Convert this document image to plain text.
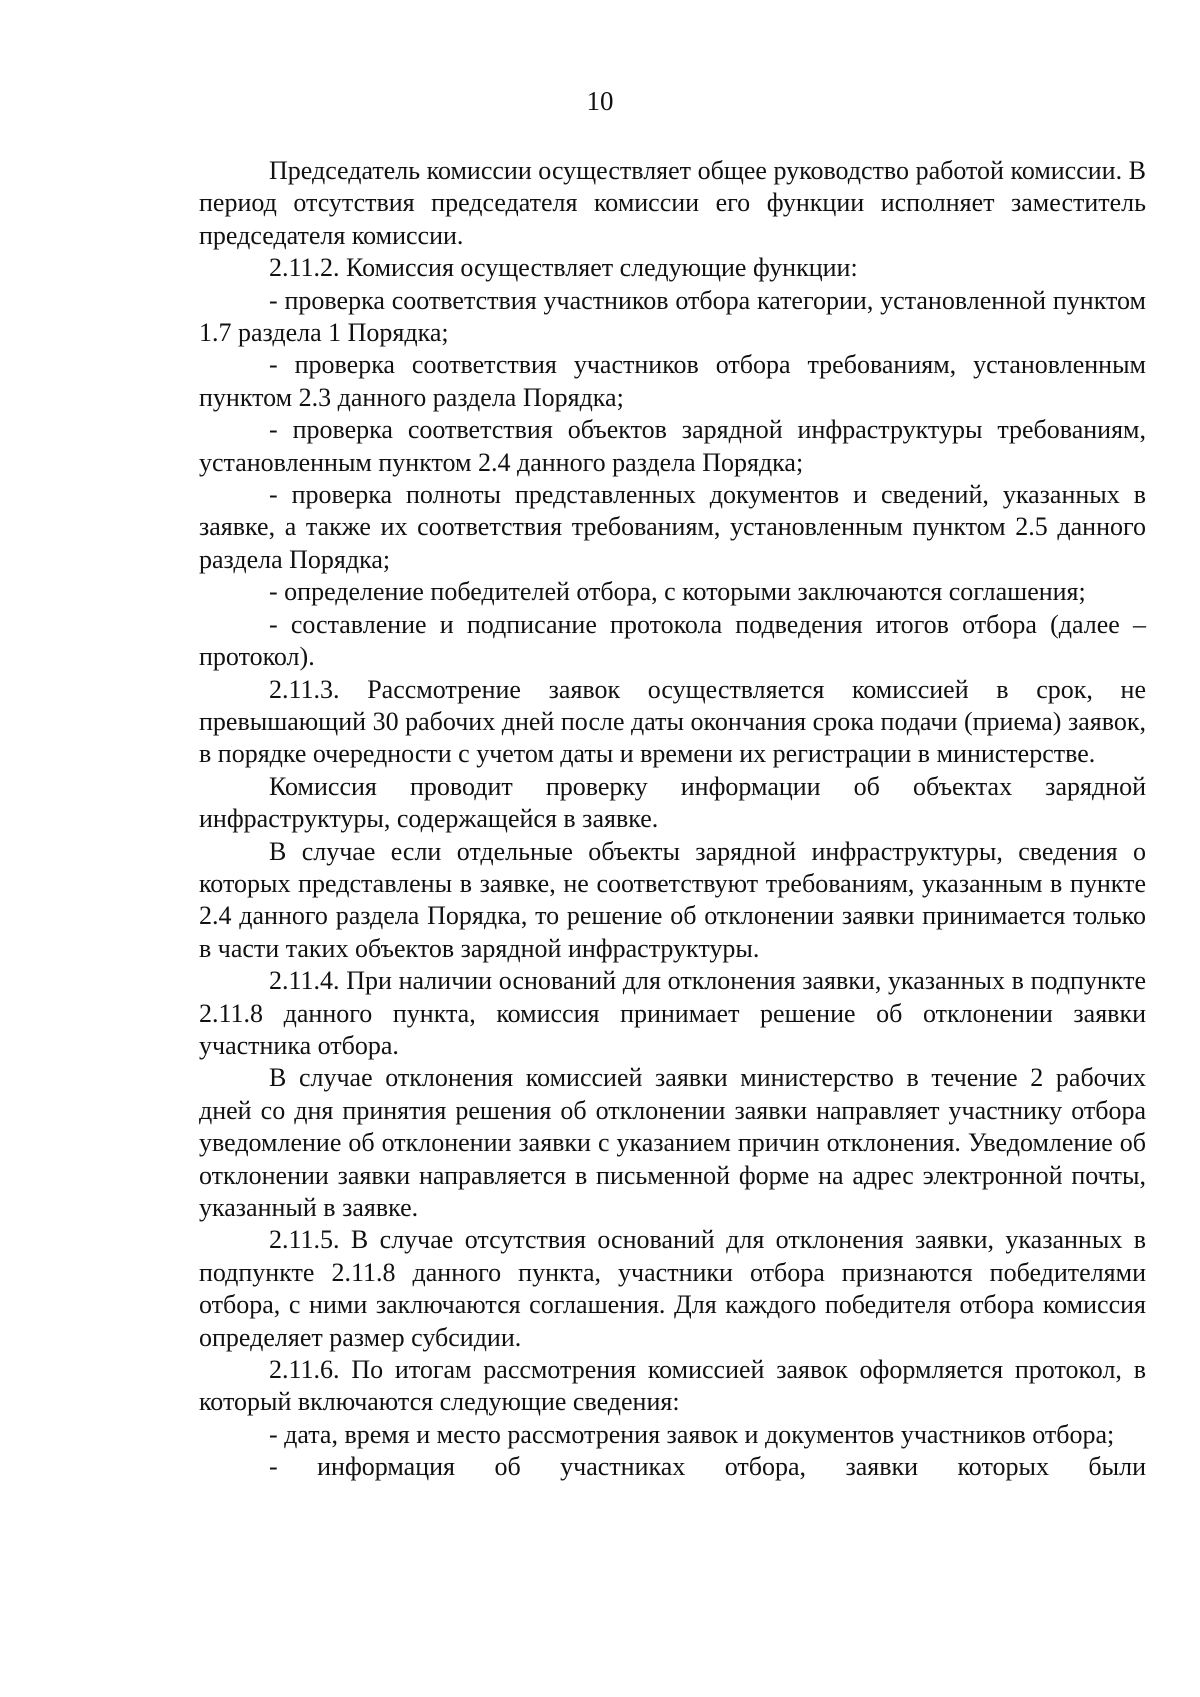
10

Председатель комиссии осуществляет общее руководство работой комиссии. В период отсутствия председателя комиссии его функции исполняет заместитель председателя комиссии.

2.11.2. Комиссия осуществляет следующие функции:

- проверка соответствия участников отбора категории, установленной пунктом 1.7 раздела 1 Порядка;

- проверка соответствия участников отбора требованиям, установленным пунктом 2.3 данного раздела Порядка;

- проверка соответствия объектов зарядной инфраструктуры требованиям, установленным пунктом 2.4 данного раздела Порядка;

- проверка полноты представленных документов и сведений, указанных в заявке, а также их соответствия требованиям, установленным пунктом 2.5 данного раздела Порядка;

- определение победителей отбора, с которыми заключаются соглашения;

- составление и подписание протокола подведения итогов отбора (далее – протокол).

2.11.3. Рассмотрение заявок осуществляется комиссией в срок, не превышающий 30 рабочих дней после даты окончания срока подачи (приема) заявок, в порядке очередности с учетом даты и времени их регистрации в министерстве.

Комиссия проводит проверку информации об объектах зарядной инфраструктуры, содержащейся в заявке.

В случае если отдельные объекты зарядной инфраструктуры, сведения о которых представлены в заявке, не соответствуют требованиям, указанным в пункте 2.4 данного раздела Порядка, то решение об отклонении заявки принимается только в части таких объектов зарядной инфраструктуры.

2.11.4. При наличии оснований для отклонения заявки, указанных в подпункте 2.11.8 данного пункта, комиссия принимает решение об отклонении заявки участника отбора.

В случае отклонения комиссией заявки министерство в течение 2 рабочих дней со дня принятия решения об отклонении заявки направляет участнику отбора уведомление об отклонении заявки с указанием причин отклонения. Уведомление об отклонении заявки направляется в письменной форме на адрес электронной почты, указанный в заявке.

2.11.5. В случае отсутствия оснований для отклонения заявки, указанных в подпункте 2.11.8 данного пункта, участники отбора признаются победителями отбора, с ними заключаются соглашения. Для каждого победителя отбора комиссия определяет размер субсидии.

2.11.6. По итогам рассмотрения комиссией заявок оформляется протокол, в который включаются следующие сведения:

- дата, время и место рассмотрения заявок и документов участников отбора;

- информация об участниках отбора, заявки которых были
